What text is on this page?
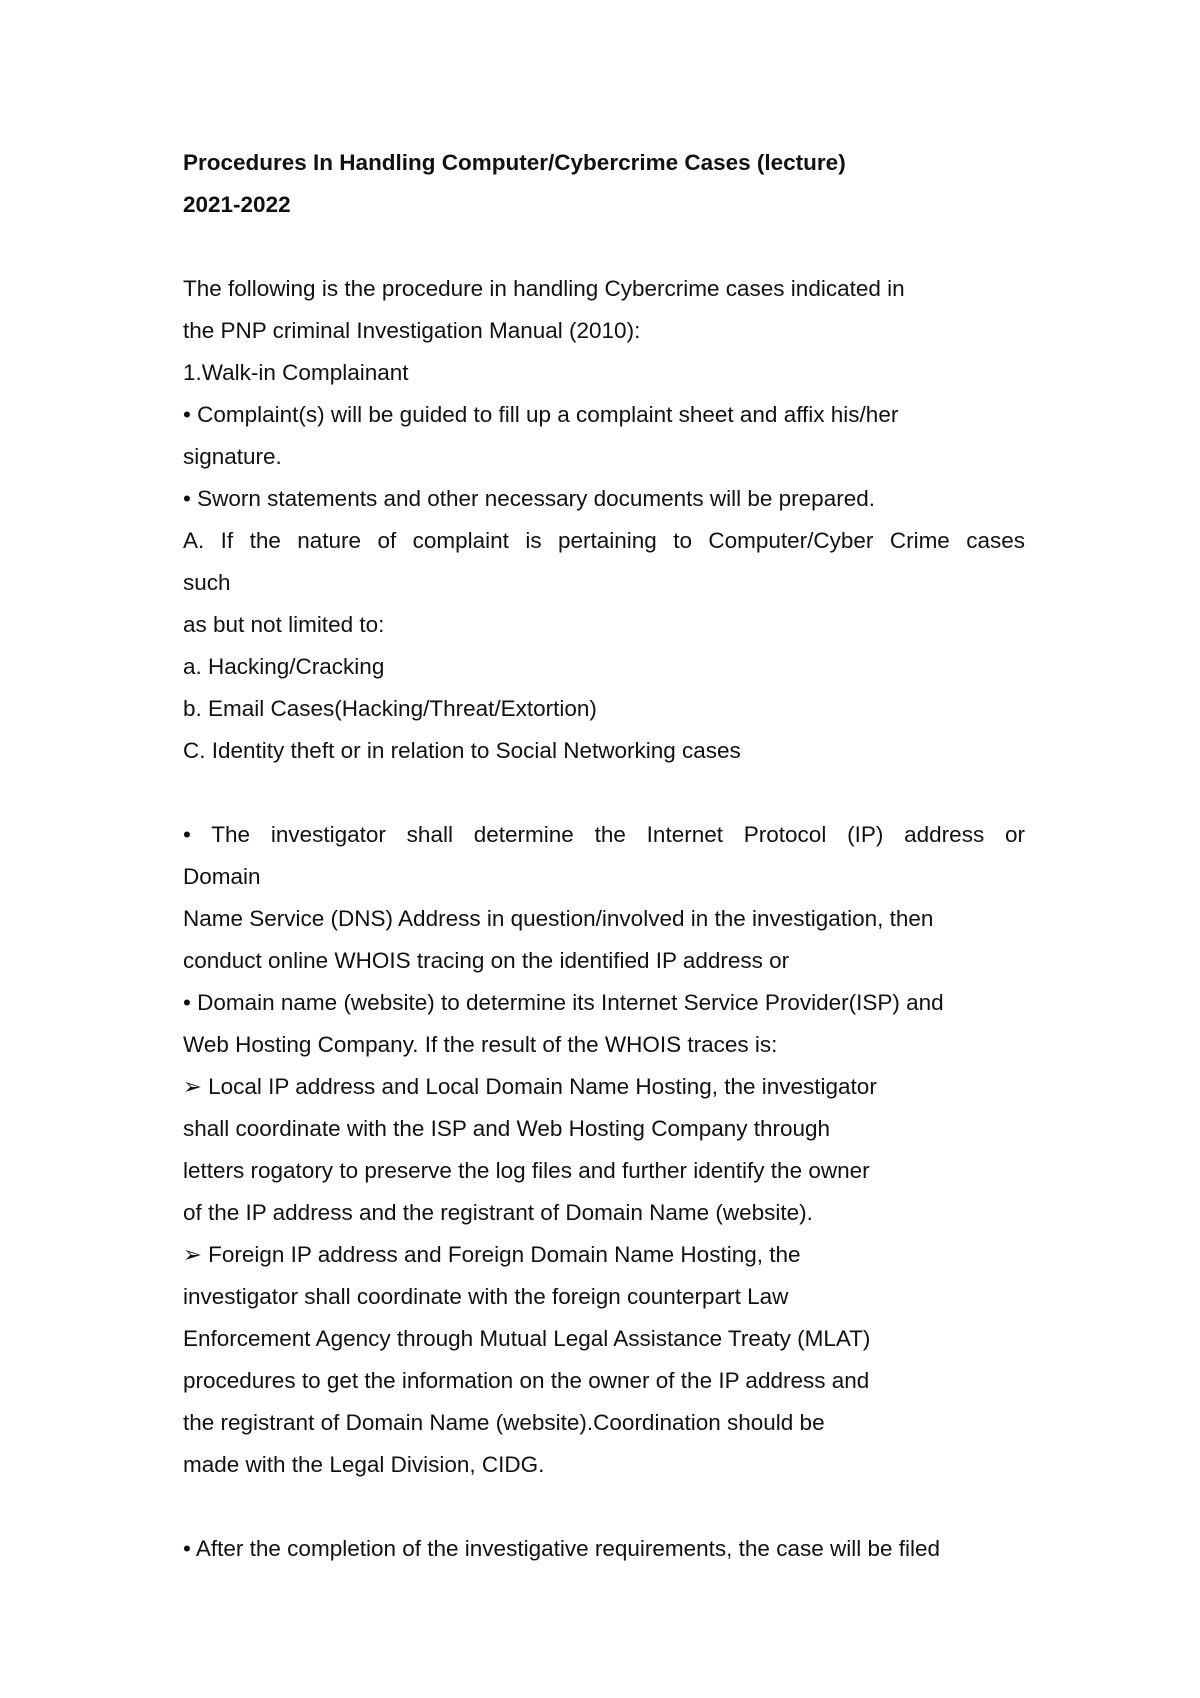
Procedures In Handling Computer/Cybercrime Cases (lecture)
2021-2022
The following is the procedure in handling Cybercrime cases indicated in
the PNP criminal Investigation Manual (2010):
1.Walk-in Complainant
• Complaint(s) will be guided to fill up a complaint sheet and affix his/her
signature.
• Sworn statements and other necessary documents will be prepared.
A. If the nature of complaint is pertaining to Computer/Cyber Crime cases
such
as but not limited to:
a. Hacking/Cracking
b. Email Cases(Hacking/Threat/Extortion)
C. Identity theft or in relation to Social Networking cases
• The investigator shall determine the Internet Protocol (IP) address or
Domain
Name Service (DNS) Address in question/involved in the investigation, then
conduct online WHOIS tracing on the identified IP address or
• Domain name (website) to determine its Internet Service Provider(ISP) and
Web Hosting Company. If the result of the WHOIS traces is:
➢ Local IP address and Local Domain Name Hosting, the investigator
shall coordinate with the ISP and Web Hosting Company through
letters rogatory to preserve the log files and further identify the owner
of the IP address and the registrant of Domain Name (website).
➢ Foreign IP address and Foreign Domain Name Hosting, the
investigator shall coordinate with the foreign counterpart Law
Enforcement Agency through Mutual Legal Assistance Treaty (MLAT)
procedures to get the information on the owner of the IP address and
the registrant of Domain Name (website).Coordination should be
made with the Legal Division, CIDG.
• After the completion of the investigative requirements, the case will be filed
